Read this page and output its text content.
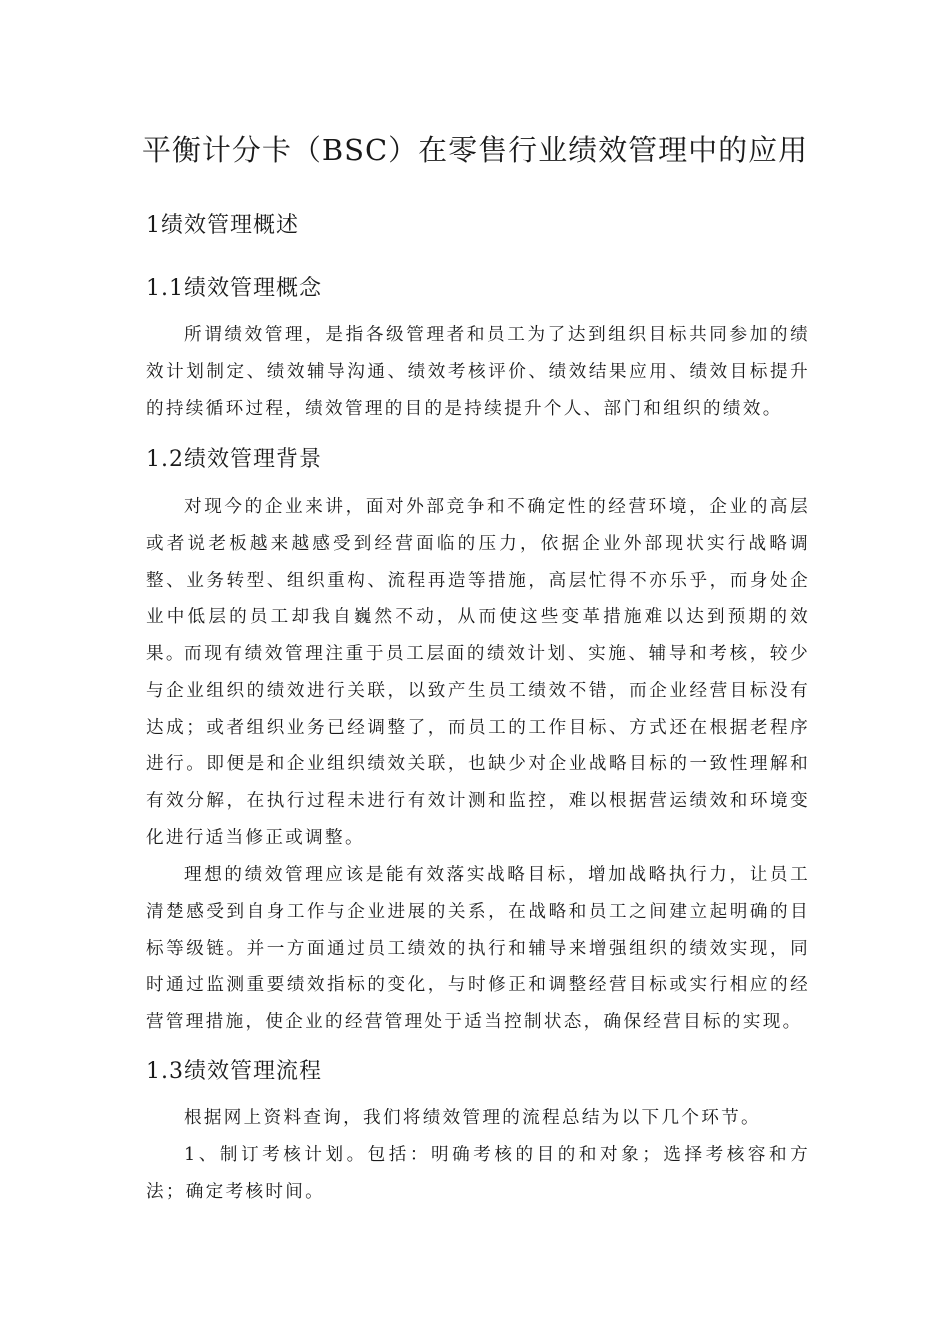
平衡计分卡（BSC）在零售行业绩效管理中的应用
1绩效管理概述
1.1绩效管理概念

所谓绩效管理，是指各级管理者和员工为了达到组织目标共同参加的绩效计划制定、绩效辅导沟通、绩效考核评价、绩效结果应用、绩效目标提升的持续循环过程，绩效管理的目的是持续提升个人、部门和组织的绩效。

1.2绩效管理背景

对现今的企业来讲，面对外部竞争和不确定性的经营环境，企业的高层或者说老板越来越感受到经营面临的压力，依据企业外部现状实行战略调整、业务转型、组织重构、流程再造等措施，高层忙得不亦乐乎，而身处企业中低层的员工却我自巍然不动，从而使这些变革措施难以达到预期的效果。

而现有绩效管理注重于员工层面的绩效计划、实施、辅导和考核，较少与企业组织的绩效进行关联，以致产生员工绩效不错，而企业经营目标没有达成；或者组织业务已经调整了，而员工的工作目标、方式还在根据老程序进行。即便是和企业组织绩效关联，也缺少对企业战略目标的一致性理解和有效分解，在执行过程未进行有效计测和监控，难以根据营运绩效和环境变化进行适当修正或调整。

理想的绩效管理应该是能有效落实战略目标，增加战略执行力，让员工清楚感受到自身工作与企业进展的关系，在战略和员工之间建立起明确的目标等级链。并一方面通过员工绩效的执行和辅导来增强组织的绩效实现，同时通过监测重要绩效指标的变化，与时修正和调整经营目标或实行相应的经营管理措施，使企业的经营管理处于适当控制状态，确保经营目标的实现。

1.3绩效管理流程

根据网上资料查询，我们将绩效管理的流程总结为以下几个环节。

1、制订考核计划。包括：明确考核的目的和对象；选择考核容和方法；确定考核时间。
